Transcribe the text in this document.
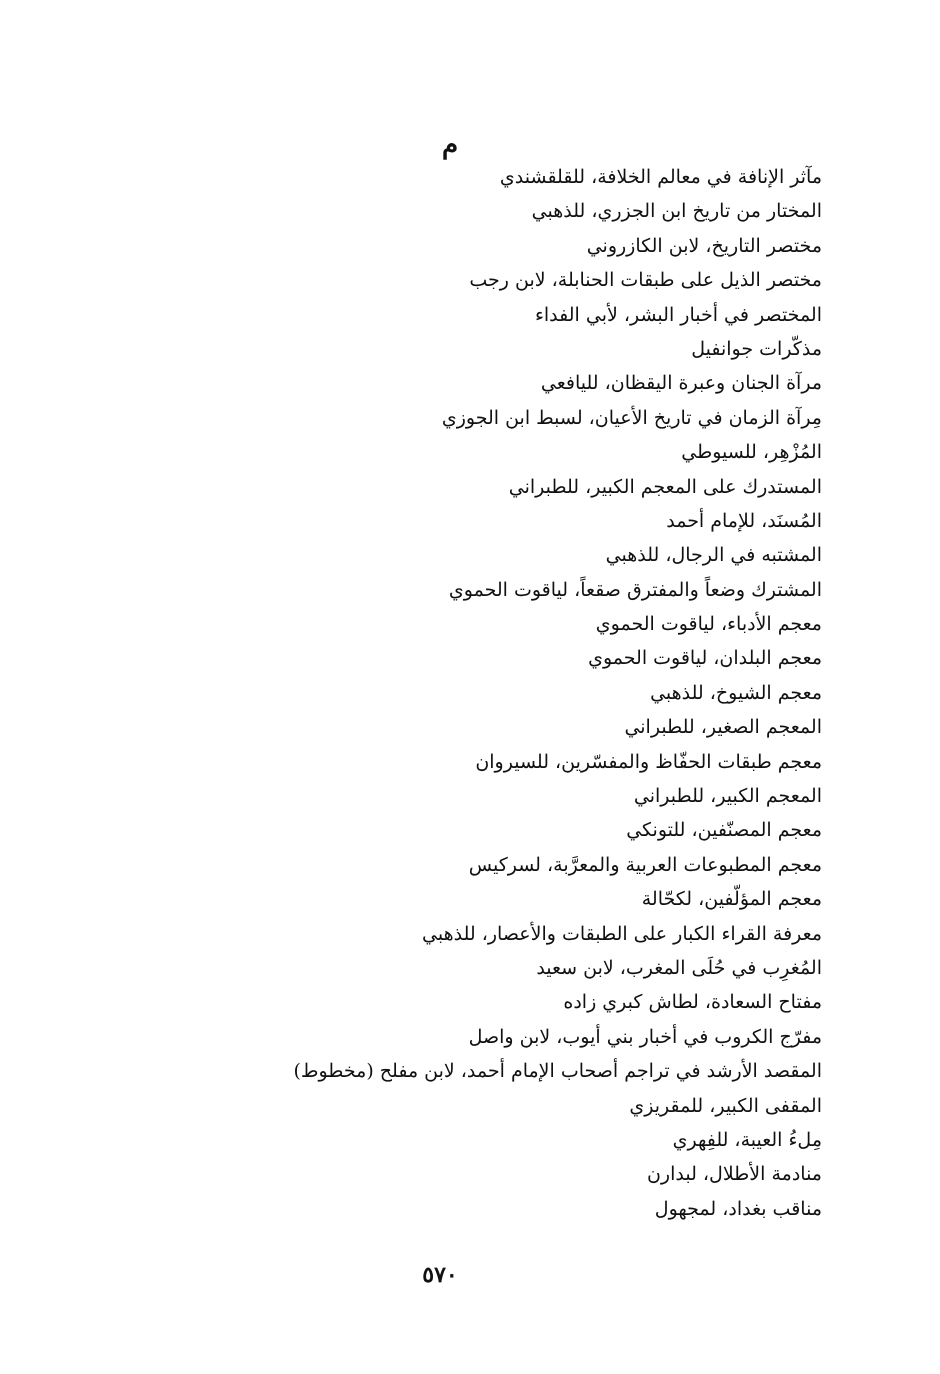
م
مآثر الإنافة في معالم الخلافة، للقلقشندي
المختار من تاريخ ابن الجزري، للذهبي
مختصر التاريخ، لابن الكازروني
مختصر الذيل على طبقات الحنابلة، لابن رجب
المختصر في أخبار البشر، لأبي الفداء
مذكّرات جوانفيل
مرآة الجنان وعبرة اليقظان، لليافعي
مِرآة الزمان في تاريخ الأعيان، لسبط ابن الجوزي
المُزْهِر، للسيوطي
المستدرك على المعجم الكبير، للطبراني
المُسنَد، للإمام أحمد
المشتبه في الرجال، للذهبي
المشترك وضعاً والمفترق صقعاً، لياقوت الحموي
معجم الأدباء، لياقوت الحموي
معجم البلدان، لياقوت الحموي
معجم الشيوخ، للذهبي
المعجم الصغير، للطبراني
معجم طبقات الحفّاظ والمفسّرين، للسيروان
المعجم الكبير، للطبراني
معجم المصنّفين، للتونكي
معجم المطبوعات العربية والمعرَّبة، لسركيس
معجم المؤلّفين، لكحّالة
معرفة القراء الكبار على الطبقات والأعصار، للذهبي
المُغرِب في حُلَى المغرب، لابن سعيد
مفتاح السعادة، لطاش كبري زاده
مفرّج الكروب في أخبار بني أيوب، لابن واصل
المقصد الأرشد في تراجم أصحاب الإمام أحمد، لابن مفلح (مخطوط)
المقفى الكبير، للمقريزي
مِلءُ العيبة، للفِهري
منادمة الأطلال، لبدارن
مناقب بغداد، لمجهول
٥٧٠
